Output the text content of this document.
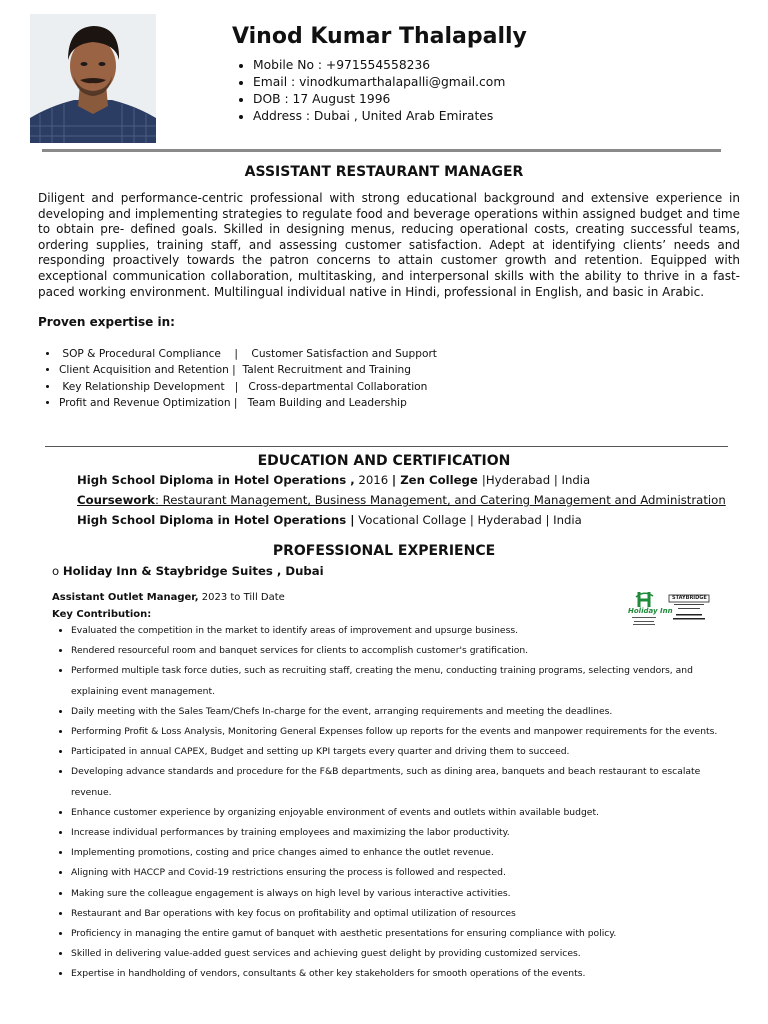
Vinod Kumar Thalapally
• Mobile No : +971554558236
• Email : vinodkumarthalapalli@gmail.com
• DOB : 17 August 1996
• Address : Dubai , United Arab Emirates
ASSISTANT RESTAURANT MANAGER

Diligent and performance-centric professional with strong educational background and extensive experience in developing and implementing strategies to regulate food and beverage operations within assigned budget and time to obtain pre- defined goals. Skilled in designing menus, reducing operational costs, creating successful teams, ordering supplies, training staff, and assessing customer satisfaction. Adept at identifying clients’ needs and responding proactively towards the patron concerns to attain customer growth and retention. Equipped with exceptional communication collaboration, multitasking, and interpersonal skills with the ability to thrive in a fast-paced working environment. Multilingual individual native in Hindi, professional in English, and basic in Arabic.

Proven expertise in:
•  SOP & Procedural Compliance    |    Customer Satisfaction and Support
• Client Acquisition and Retention |  Talent Recruitment and Training
•  Key Relationship Development   |   Cross-departmental Collaboration
• Profit and Revenue Optimization |   Team Building and Leadership
EDUCATION AND CERTIFICATION
High School Diploma in Hotel Operations , 2016 | Zen College |Hyderabad | India
Coursework: Restaurant Management, Business Management, and Catering Management and Administration
High School Diploma in Hotel Operations | Vocational Collage | Hyderabad | India
PROFESSIONAL EXPERIENCE
o Holiday Inn & Staybridge Suites , Dubai
Assistant Outlet Manager, 2023 to Till Date
Key Contribution:	Holiday Inn
STAYBRIDGE
• Evaluated the competition in the market to identify areas of improvement and upsurge business.
• Rendered resourceful room and banquet services for clients to accomplish customer's gratification.
• Performed multiple task force duties, such as recruiting staff, creating the menu, conducting training programs, selecting vendors, and explaining event management.
• Daily meeting with the Sales Team/Chefs In-charge for the event, arranging requirements and meeting the deadlines.
• Performing Profit & Loss Analysis, Monitoring General Expenses follow up reports for the events and manpower requirements for the events.
• Participated in annual CAPEX, Budget and setting up KPI targets every quarter and driving them to succeed.
• Developing advance standards and procedure for the F&B departments, such as dining area, banquets and beach restaurant to escalate revenue.
• Enhance customer experience by organizing enjoyable environment of events and outlets within available budget.
• Increase individual performances by training employees and maximizing the labor productivity.
• Implementing promotions, costing and price changes aimed to enhance the outlet revenue.
• Aligning with HACCP and Covid-19 restrictions ensuring the process is followed and respected.
• Making sure the colleague engagement is always on high level by various interactive activities.
• Restaurant and Bar operations with key focus on profitability and optimal utilization of resources
• Proficiency in managing the entire gamut of banquet with aesthetic presentations for ensuring compliance with policy.
• Skilled in delivering value-added guest services and achieving guest delight by providing customized services.
• Expertise in handholding of vendors, consultants & other key stakeholders for smooth operations of the events.
